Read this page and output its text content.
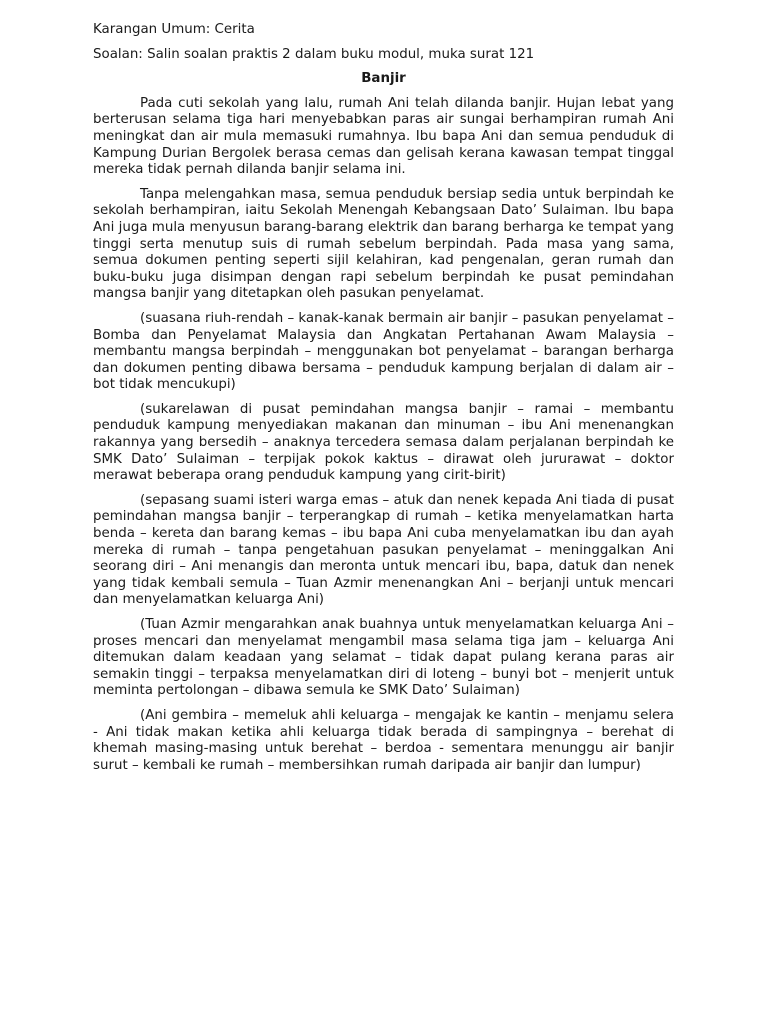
Karangan Umum: Cerita

Soalan: Salin soalan praktis 2 dalam buku modul, muka surat 121

Banjir

Pada cuti sekolah yang lalu, rumah Ani telah dilanda banjir. Hujan lebat yang berterusan selama tiga hari menyebabkan paras air sungai berhampiran rumah Ani meningkat dan air mula memasuki rumahnya. Ibu bapa Ani dan semua penduduk di Kampung Durian Bergolek berasa cemas dan gelisah kerana kawasan tempat tinggal mereka tidak pernah dilanda banjir selama ini.

Tanpa melengahkan masa, semua penduduk bersiap sedia untuk berpindah ke sekolah berhampiran, iaitu Sekolah Menengah Kebangsaan Dato’ Sulaiman. Ibu bapa Ani juga mula menyusun barang-barang elektrik dan barang berharga ke tempat yang tinggi serta menutup suis di rumah sebelum berpindah. Pada masa yang sama, semua dokumen penting seperti sijil kelahiran, kad pengenalan, geran rumah dan buku-buku juga disimpan dengan rapi sebelum berpindah ke pusat pemindahan mangsa banjir yang ditetapkan oleh pasukan penyelamat.

(suasana riuh-rendah – kanak-kanak bermain air banjir – pasukan penyelamat – Bomba dan Penyelamat Malaysia dan Angkatan Pertahanan Awam Malaysia – membantu mangsa berpindah – menggunakan bot penyelamat – barangan berharga dan dokumen penting dibawa bersama – penduduk kampung berjalan di dalam air – bot tidak mencukupi)

(sukarelawan di pusat pemindahan mangsa banjir – ramai – membantu penduduk kampung menyediakan makanan dan minuman – ibu Ani menenangkan rakannya yang bersedih – anaknya tercedera semasa dalam perjalanan berpindah ke SMK Dato’ Sulaiman – terpijak pokok kaktus – dirawat oleh jururawat – doktor merawat beberapa orang penduduk kampung yang cirit-birit)

(sepasang suami isteri warga emas – atuk dan nenek kepada Ani tiada di pusat pemindahan mangsa banjir – terperangkap di rumah – ketika menyelamatkan harta benda – kereta dan barang kemas – ibu bapa Ani cuba menyelamatkan ibu dan ayah mereka di rumah – tanpa pengetahuan pasukan penyelamat – meninggalkan Ani seorang diri – Ani menangis dan meronta untuk mencari ibu, bapa, datuk dan nenek yang tidak kembali semula – Tuan Azmir menenangkan Ani – berjanji untuk mencari dan menyelamatkan keluarga Ani)

(Tuan Azmir mengarahkan anak buahnya untuk menyelamatkan keluarga Ani – proses mencari dan menyelamat mengambil masa selama tiga jam – keluarga Ani ditemukan dalam keadaan yang selamat – tidak dapat pulang kerana paras air semakin tinggi – terpaksa menyelamatkan diri di loteng – bunyi bot – menjerit untuk meminta pertolongan – dibawa semula ke SMK Dato’ Sulaiman)

(Ani gembira – memeluk ahli keluarga – mengajak ke kantin – menjamu selera - Ani tidak makan ketika ahli keluarga tidak berada di sampingnya – berehat di khemah masing-masing untuk berehat – berdoa - sementara menunggu air banjir surut – kembali ke rumah – membersihkan rumah daripada air banjir dan lumpur)
